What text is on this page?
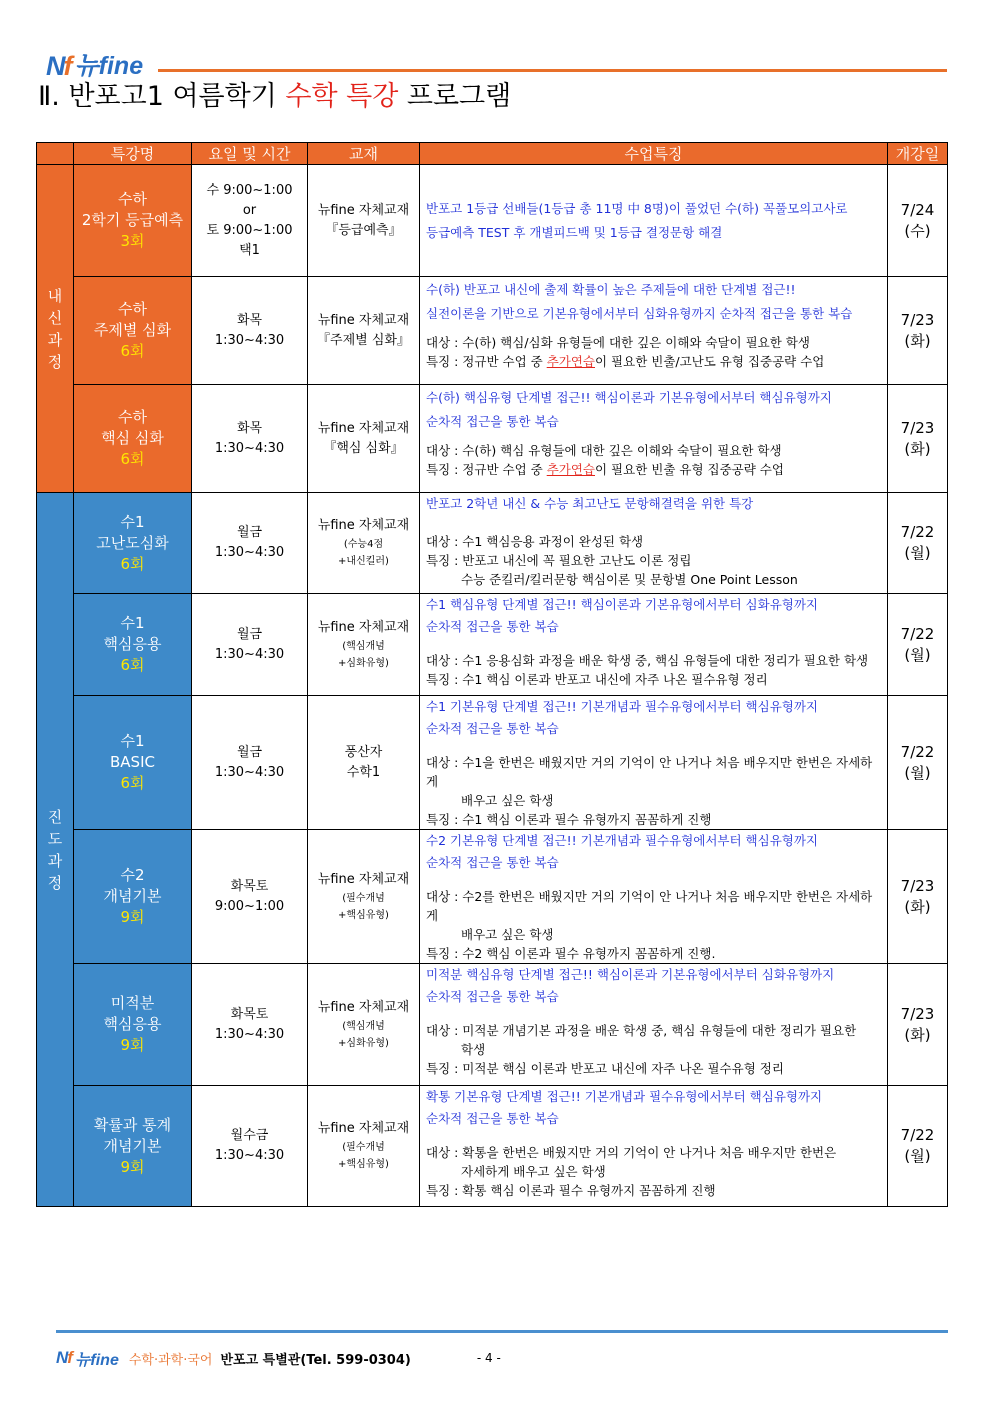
Nf 뉴fine
Ⅱ. 반포고1 여름학기 수학 특강 프로그램
	특강명	요일 및 시간	교재	수업특징	개강일

내
신
과
정	수하
2학기 등급예측
3회	수 9:00~1:00
or
토 9:00~1:00
택1	뉴fine 자체교재
『등급예측』	반포고 1등급 선배들(1등급 총 11명 中 8명)이 풀었던 수(하) 꼭풀모의고사로
등급예측 TEST 후 개별피드백 및 1등급 결정문항 해결	7/24
(수)

	수하
주제별 심화
6회	화목
1:30~4:30	뉴fine 자체교재
『주제별 심화』	수(하) 반포고 내신에 출제 확률이 높은 주제들에 대한 단계별 접근!!
실전이론을 기반으로 기본유형에서부터 심화유형까지 순차적 접근을 통한 복습
대상 : 수(하) 핵심/심화 유형들에 대한 깊은 이해와 숙달이 필요한 학생
특징 : 정규반 수업 중 추가연습이 필요한 빈출/고난도 유형 집중공략 수업	7/23
(화)

	수하
핵심 심화
6회	화목
1:30~4:30	뉴fine 자체교재
『핵심 심화』	수(하) 핵심유형 단계별 접근!! 핵심이론과 기본유형에서부터 핵심유형까지
순차적 접근을 통한 복습
대상 : 수(하) 핵심 유형들에 대한 깊은 이해와 숙달이 필요한 학생
특징 : 정규반 수업 중 추가연습이 필요한 빈출 유형 집중공략 수업	7/23
(화)

진
도
과
정	수1
고난도심화
6회	월금
1:30~4:30	뉴fine 자체교재
(수능4점
+내신킬러)	반포고 2학년 내신 & 수능 최고난도 문항해결력을 위한 특강
대상 : 수1 핵심응용 과정이 완성된 학생
특징 : 반포고 내신에 꼭 필요한 고난도 이론 정립
수능 준킬러/킬러문항 핵심이론 및 문항별 One Point Lesson	7/22
(월)

	수1
핵심응용
6회	월금
1:30~4:30	뉴fine 자체교재
(핵심개념
+심화유형)	수1 핵심유형 단계별 접근!! 핵심이론과 기본유형에서부터 심화유형까지
순차적 접근을 통한 복습
대상 : 수1 응용심화 과정을 배운 학생 중, 핵심 유형들에 대한 정리가 필요한 학생
특징 : 수1 핵심 이론과 반포고 내신에 자주 나온 필수유형 정리	7/22
(월)

	수1
BASIC
6회	월금
1:30~4:30	풍산자
수학1	수1 기본유형 단계별 접근!! 기본개념과 필수유형에서부터 핵심유형까지
순차적 접근을 통한 복습
대상 : 수1을 한번은 배웠지만 거의 기억이 안 나거나 처음 배우지만 한번은 자세하게
배우고 싶은 학생
특징 : 수1 핵심 이론과 필수 유형까지 꼼꼼하게 진행	7/22
(월)

	수2
개념기본
9회	화목토
9:00~1:00	뉴fine 자체교재
(필수개념
+핵심유형)	수2 기본유형 단계별 접근!! 기본개념과 필수유형에서부터 핵심유형까지
순차적 접근을 통한 복습
대상 : 수2를 한번은 배웠지만 거의 기억이 안 나거나 처음 배우지만 한번은 자세하게
배우고 싶은 학생
특징 : 수2 핵심 이론과 필수 유형까지 꼼꼼하게 진행.	7/23
(화)

	미적분
핵심응용
9회	화목토
1:30~4:30	뉴fine 자체교재
(핵심개념
+심화유형)	미적분 핵심유형 단계별 접근!! 핵심이론과 기본유형에서부터 심화유형까지
순차적 접근을 통한 복습
대상 : 미적분 개념기본 과정을 배운 학생 중, 핵심 유형들에 대한 정리가 필요한
학생
특징 : 미적분 핵심 이론과 반포고 내신에 자주 나온 필수유형 정리	7/23
(화)

	확률과 통계
개념기본
9회	월수금
1:30~4:30	뉴fine 자체교재
(필수개념
+핵심유형)	확통 기본유형 단계별 접근!! 기본개념과 필수유형에서부터 핵심유형까지
순차적 접근을 통한 복습
대상 : 확통을 한번은 배웠지만 거의 기억이 안 나거나 처음 배우지만 한번은
자세하게 배우고 싶은 학생
특징 : 확통 핵심 이론과 필수 유형까지 꼼꼼하게 진행	7/22
(월)
Nf 뉴fine 수학·과학·국어 반포고 특별관(Tel. 599-0304)	- 4 -
